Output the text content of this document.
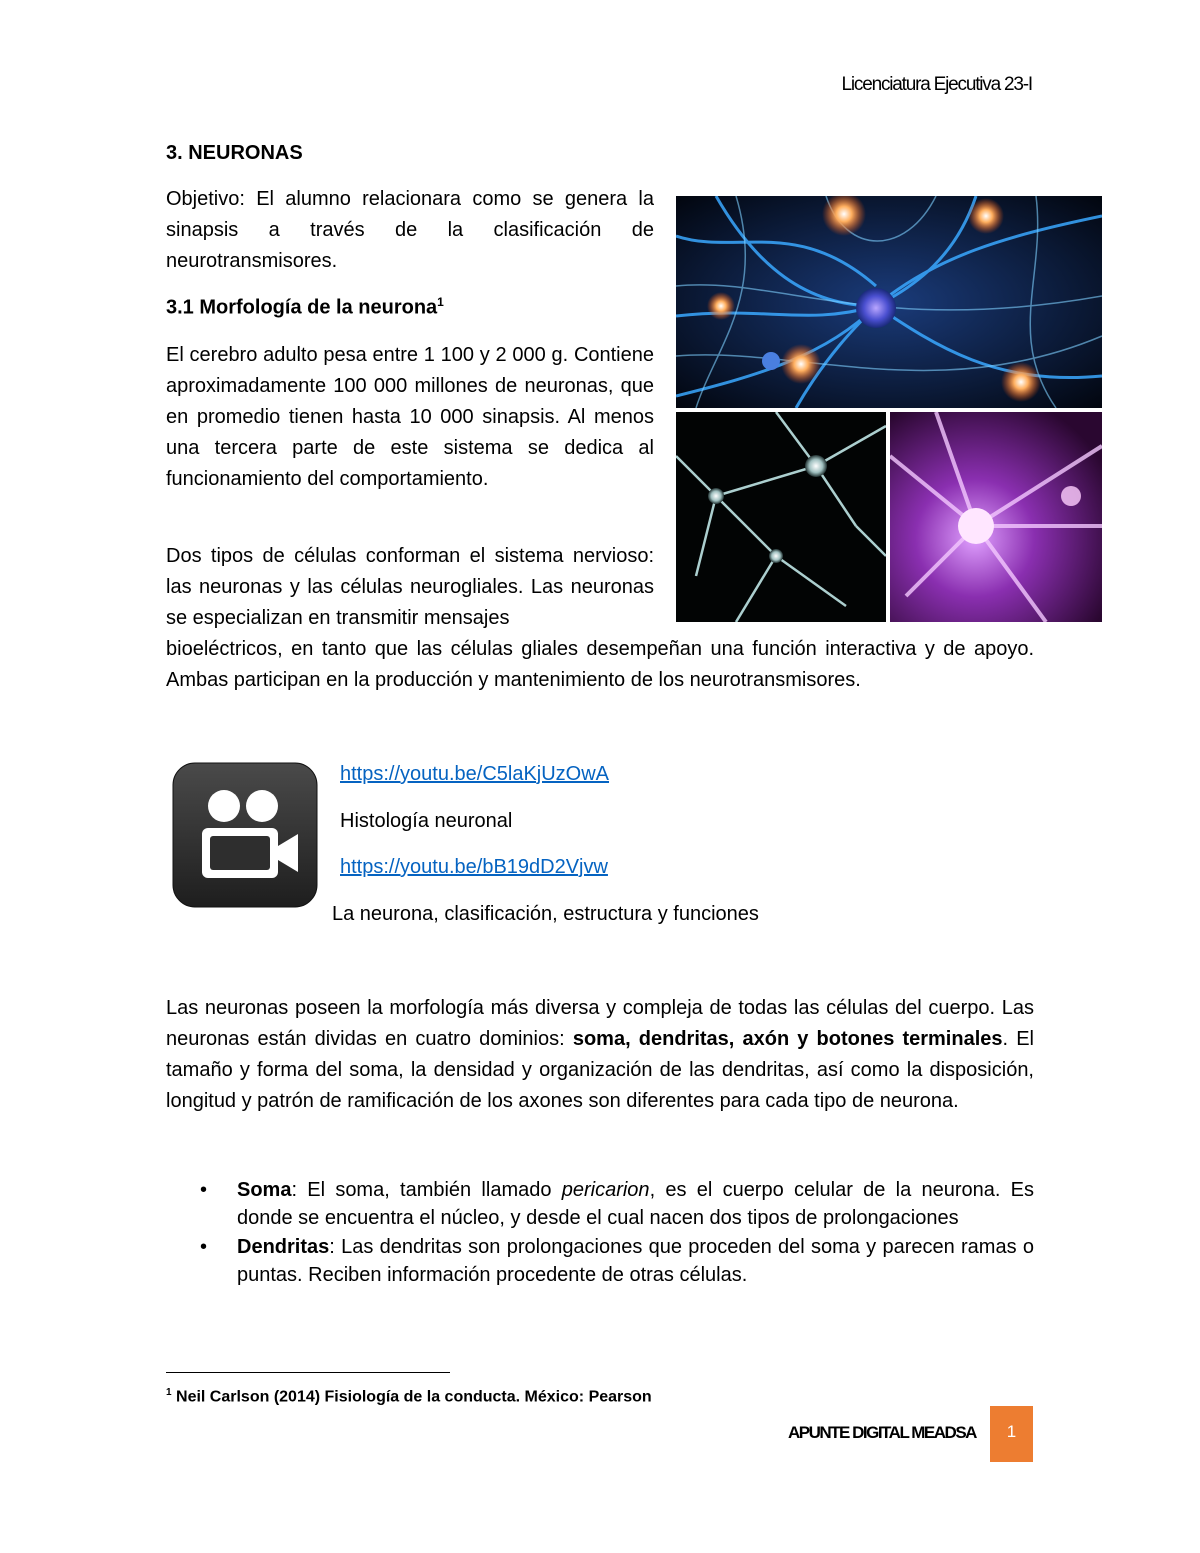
Licenciatura Ejecutiva 23-I
3. NEURONAS
Objetivo: El alumno relacionara como se genera la sinapsis a través de la clasificación de neurotransmisores.
3.1 Morfología de la neurona$^1$
El cerebro adulto pesa entre 1 100 y 2 000 g. Contiene aproximadamente 100 000 millones de neuronas, que en promedio tienen hasta 10 000 sinapsis. Al menos una tercera parte de este sistema se dedica al funcionamiento del comportamiento.
Dos tipos de células conforman el sistema nervioso: las neuronas y las células neurogliales. Las neuronas se especializan en transmitir mensajes
bioeléctricos, en tanto que las células gliales desempeñan una función interactiva y de apoyo. Ambas participan en la producción y mantenimiento de los neurotransmisores.
https://youtu.be/C5laKjUzOwA
Histología neuronal
https://youtu.be/bB19dD2Vjvw
La neurona, clasificación, estructura y funciones
Las neuronas poseen la morfología más diversa y compleja de todas las células del cuerpo. Las neuronas están dividas en cuatro dominios: soma, dendritas, axón y botones terminales. El tamaño y forma del soma, la densidad y organización de las dendritas, así como la disposición, longitud y patrón de ramificación de los axones son diferentes para cada tipo de neurona.
• Soma: El soma, también llamado pericarion, es el cuerpo celular de la neurona. Es donde se encuentra el núcleo, y desde el cual nacen dos tipos de prolongaciones
• Dendritas: Las dendritas son prolongaciones que proceden del soma y parecen ramas o puntas. Reciben información procedente de otras células.
$^1$ Neil Carlson (2014) Fisiología de la conducta. México: Pearson
APUNTE DIGITAL MEADSA	1
